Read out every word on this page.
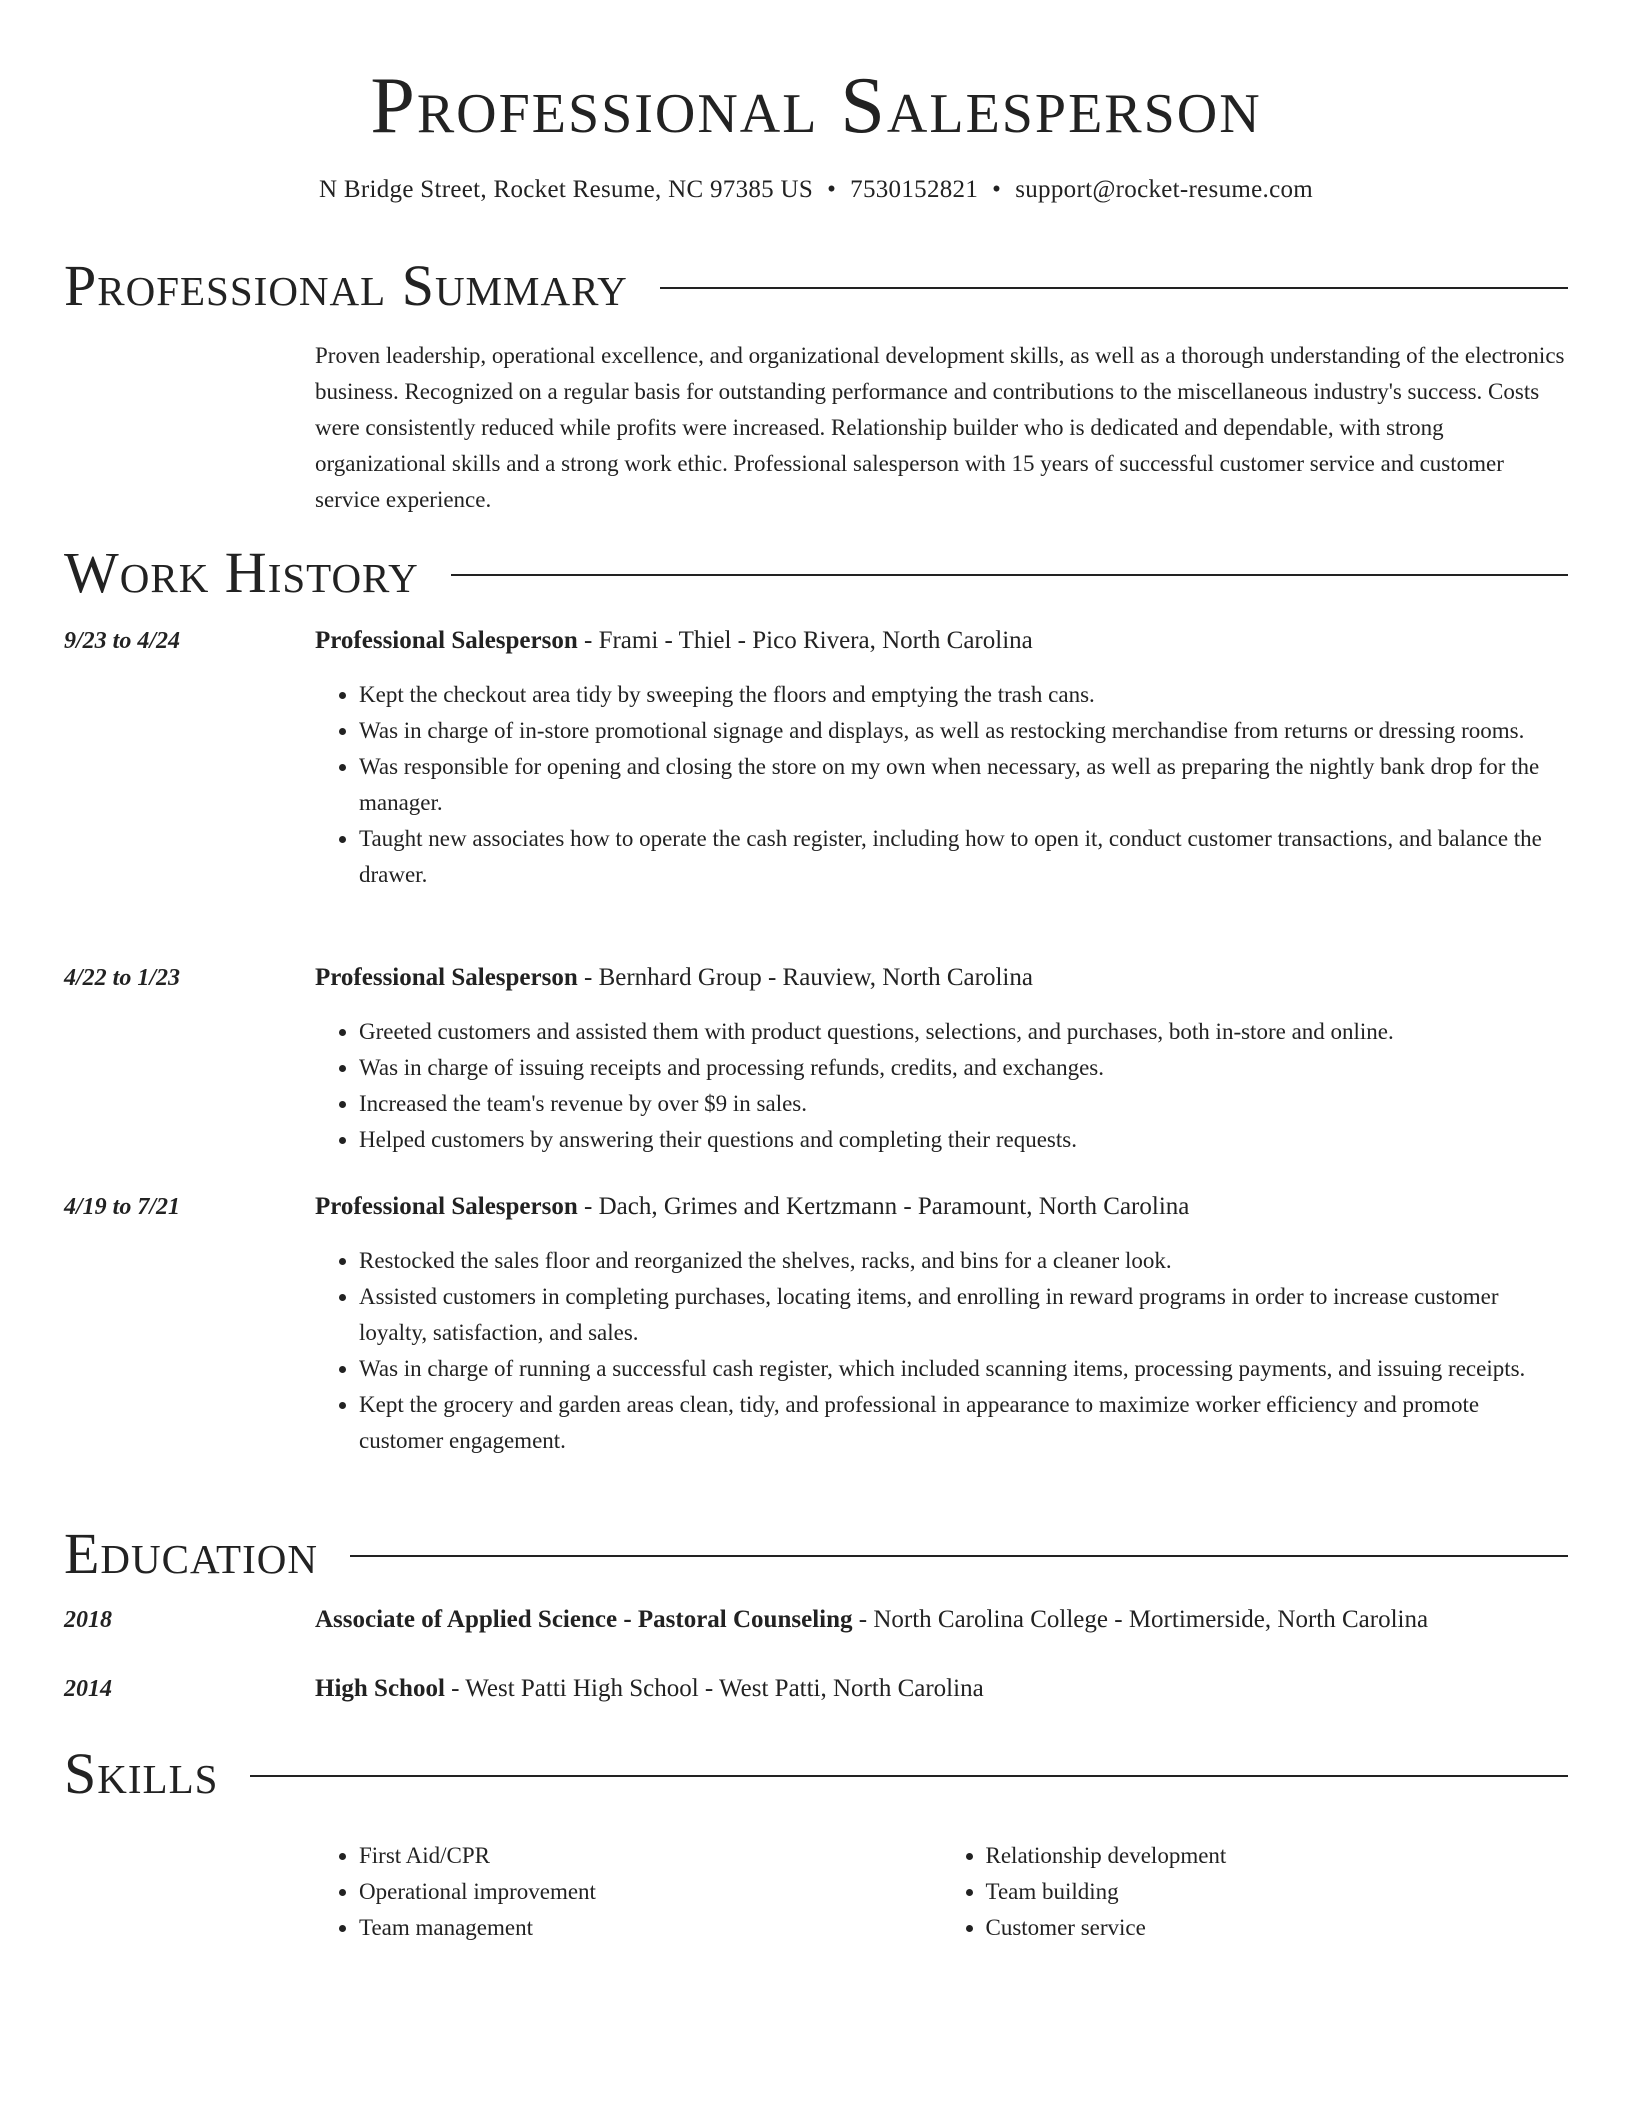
Professional Salesperson
N Bridge Street, Rocket Resume, NC 97385 US • 7530152821 • support@rocket-resume.com
Professional Summary

Proven leadership, operational excellence, and organizational development skills, as well as a thorough understanding of the electronics business. Recognized on a regular basis for outstanding performance and contributions to the miscellaneous industry's success. Costs were consistently reduced while profits were increased. Relationship builder who is dedicated and dependable, with strong organizational skills and a strong work ethic. Professional salesperson with 15 years of successful customer service and customer service experience.

Work History
9/23 to 4/24	Professional Salesperson - Frami - Thiel - Pico Rivera, North Carolina
• Kept the checkout area tidy by sweeping the floors and emptying the trash cans.
• Was in charge of in-store promotional signage and displays, as well as restocking merchandise from returns or dressing rooms.
• Was responsible for opening and closing the store on my own when necessary, as well as preparing the nightly bank drop for the manager.
• Taught new associates how to operate the cash register, including how to open it, conduct customer transactions, and balance the drawer.
4/22 to 1/23	Professional Salesperson - Bernhard Group - Rauview, North Carolina
• Greeted customers and assisted them with product questions, selections, and purchases, both in-store and online.
• Was in charge of issuing receipts and processing refunds, credits, and exchanges.
• Increased the team's revenue by over $9 in sales.
• Helped customers by answering their questions and completing their requests.
4/19 to 7/21	Professional Salesperson - Dach, Grimes and Kertzmann - Paramount, North Carolina
• Restocked the sales floor and reorganized the shelves, racks, and bins for a cleaner look.
• Assisted customers in completing purchases, locating items, and enrolling in reward programs in order to increase customer loyalty, satisfaction, and sales.
• Was in charge of running a successful cash register, which included scanning items, processing payments, and issuing receipts.
• Kept the grocery and garden areas clean, tidy, and professional in appearance to maximize worker efficiency and promote customer engagement.
Education
2018	Associate of Applied Science - Pastoral Counseling - North Carolina College - Mortimerside, North Carolina
2014	High School - West Patti High School - West Patti, North Carolina
Skills
• First Aid/CPR
• Operational improvement
• Team management
• Relationship development
• Team building
• Customer service
